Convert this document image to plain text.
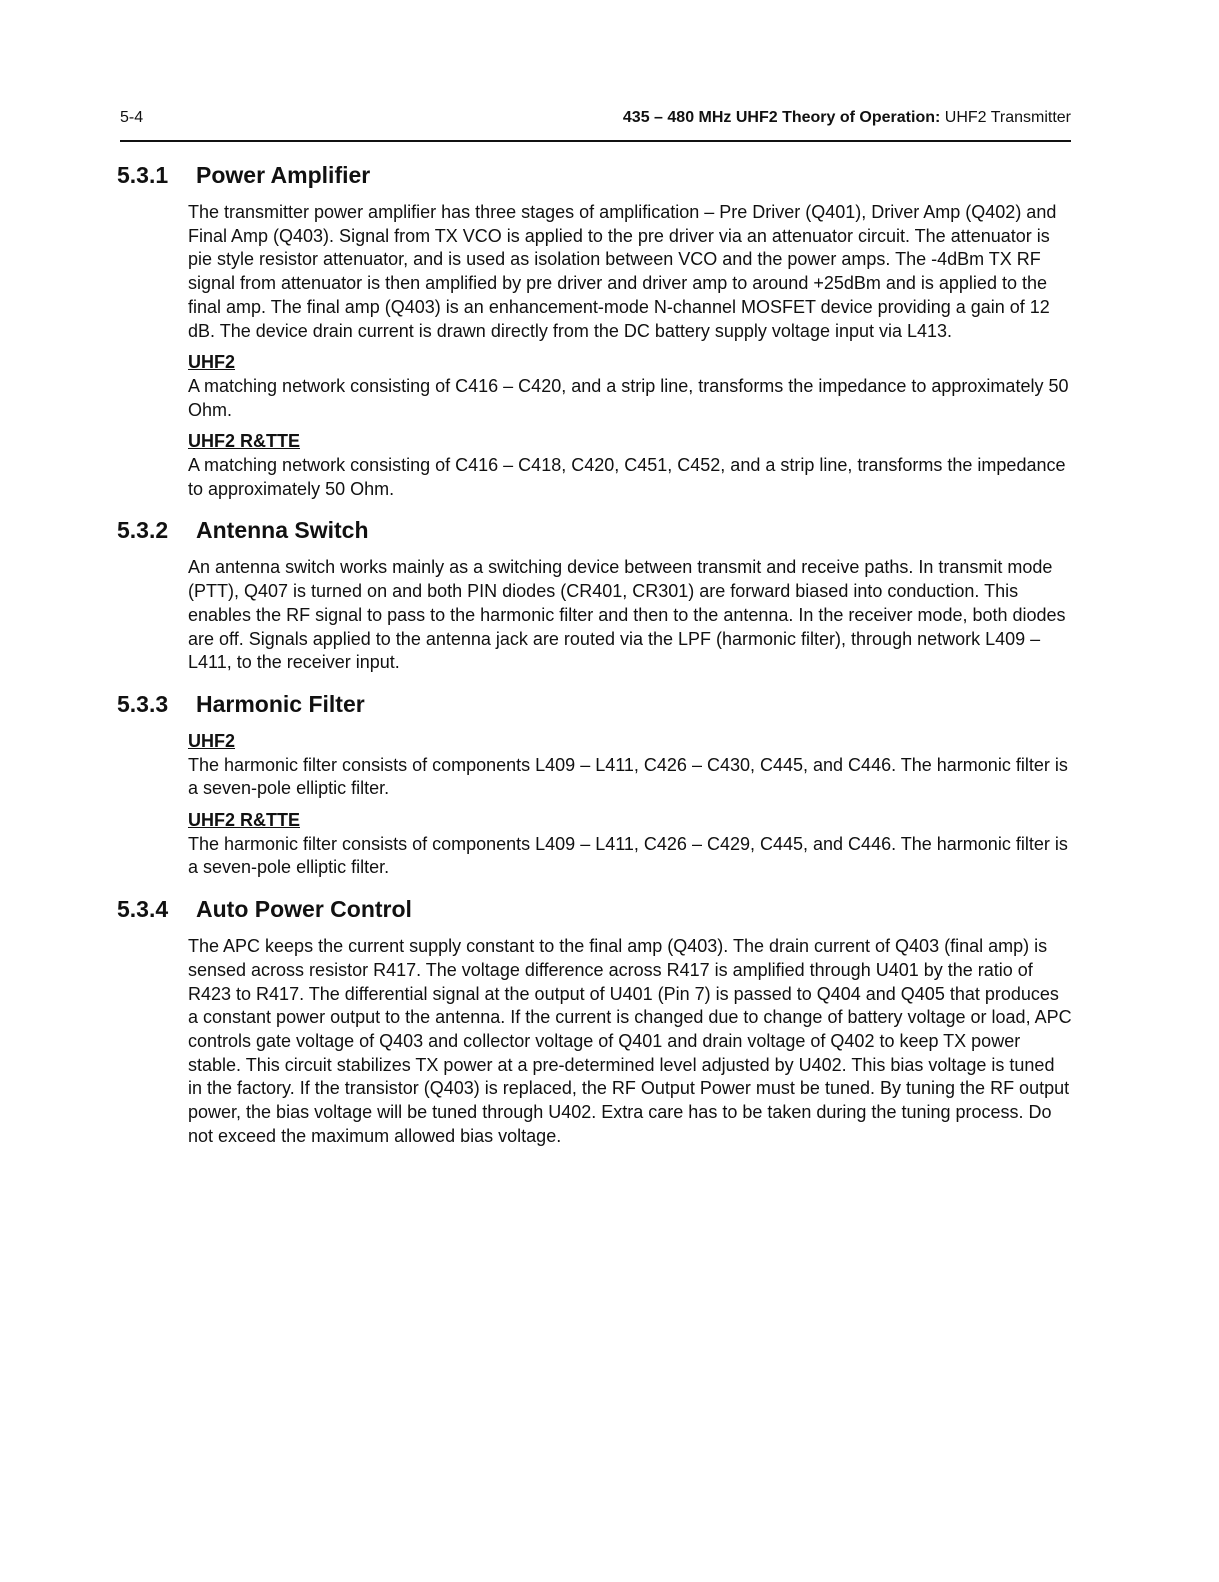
5-4	435 – 480 MHz UHF2 Theory of Operation: UHF2 Transmitter
5.3.1	Power Amplifier

The transmitter power amplifier has three stages of amplification – Pre Driver (Q401), Driver Amp (Q402) and Final Amp (Q403). Signal from TX VCO is applied to the pre driver via an attenuator circuit. The attenuator is pie style resistor attenuator, and is used as isolation between VCO and the power amps. The -4dBm TX RF signal from attenuator is then amplified by pre driver and driver amp to around +25dBm and is applied to the final amp. The final amp (Q403) is an enhancement-mode N-channel MOSFET device providing a gain of 12 dB. The device drain current is drawn directly from the DC battery supply voltage input via L413.

UHF2

A matching network consisting of C416 – C420, and a strip line, transforms the impedance to approximately 50 Ohm.

UHF2 R&TTE

A matching network consisting of C416 – C418, C420, C451, C452, and a strip line, transforms the impedance to approximately 50 Ohm.

5.3.2	Antenna Switch

An antenna switch works mainly as a switching device between transmit and receive paths. In transmit mode (PTT), Q407 is turned on and both PIN diodes (CR401, CR301) are forward biased into conduction. This enables the RF signal to pass to the harmonic filter and then to the antenna. In the receiver mode, both diodes are off. Signals applied to the antenna jack are routed via the LPF (harmonic filter), through network L409 – L411, to the receiver input.

5.3.3	Harmonic Filter
UHF2

The harmonic filter consists of components L409 – L411, C426 – C430, C445, and C446. The harmonic filter is a seven-pole elliptic filter.

UHF2 R&TTE

The harmonic filter consists of components L409 – L411, C426 – C429, C445, and C446. The harmonic filter is a seven-pole elliptic filter.

5.3.4	Auto Power Control

The APC keeps the current supply constant to the final amp (Q403). The drain current of Q403 (final amp) is sensed across resistor R417. The voltage difference across R417 is amplified through U401 by the ratio of R423 to R417. The differential signal at the output of U401 (Pin 7) is passed to Q404 and Q405 that produces a constant power output to the antenna. If the current is changed due to change of battery voltage or load, APC controls gate voltage of Q403 and collector voltage of Q401 and drain voltage of Q402 to keep TX power stable. This circuit stabilizes TX power at a pre-determined level adjusted by U402. This bias voltage is tuned in the factory. If the transistor (Q403) is replaced, the RF Output Power must be tuned. By tuning the RF output power, the bias voltage will be tuned through U402. Extra care has to be taken during the tuning process. Do not exceed the maximum allowed bias voltage.
